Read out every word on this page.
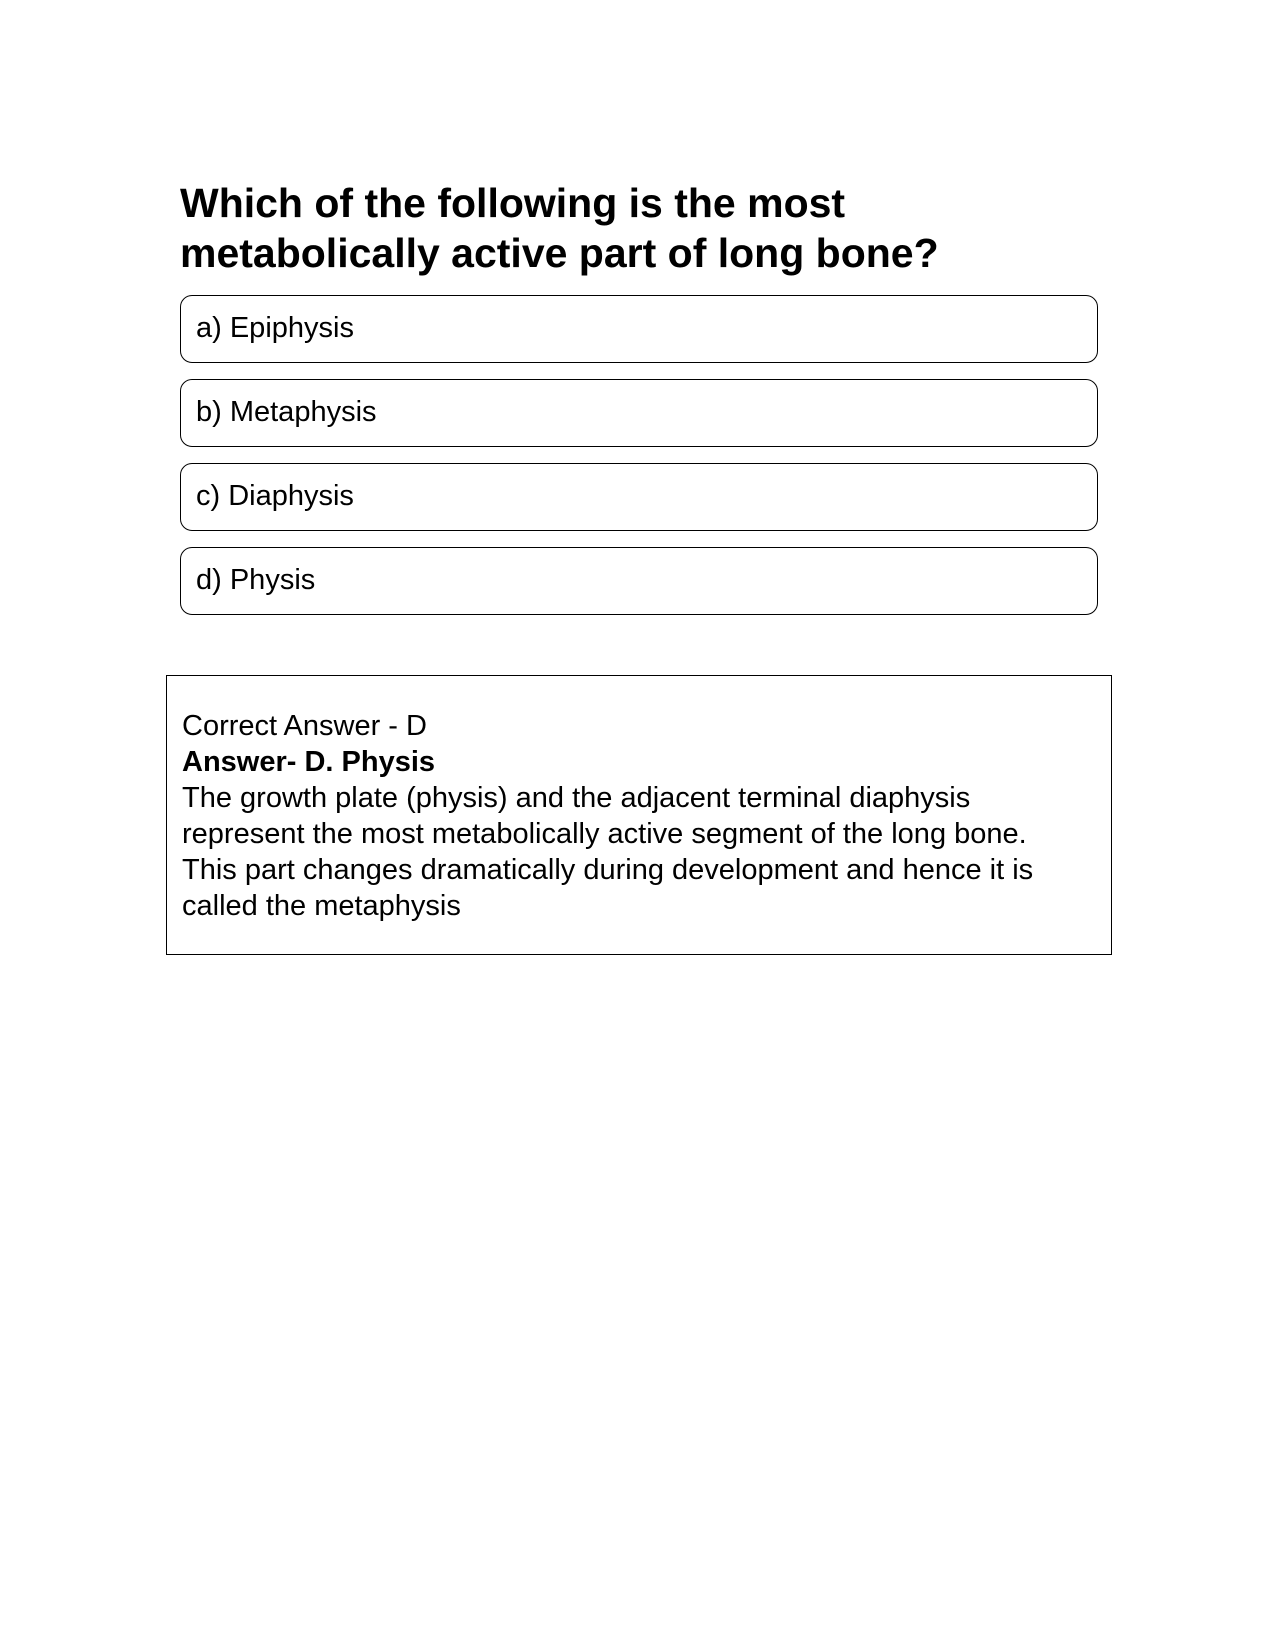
Which of the following is the most metabolically active part of long bone?
a) Epiphysis
b) Metaphysis
c) Diaphysis
d) Physis
Correct Answer - D
Answer- D. Physis
The growth plate (physis) and the adjacent terminal diaphysis
represent the most metabolically active segment of the long bone.
This part changes dramatically during development and hence it is
called the metaphysis
